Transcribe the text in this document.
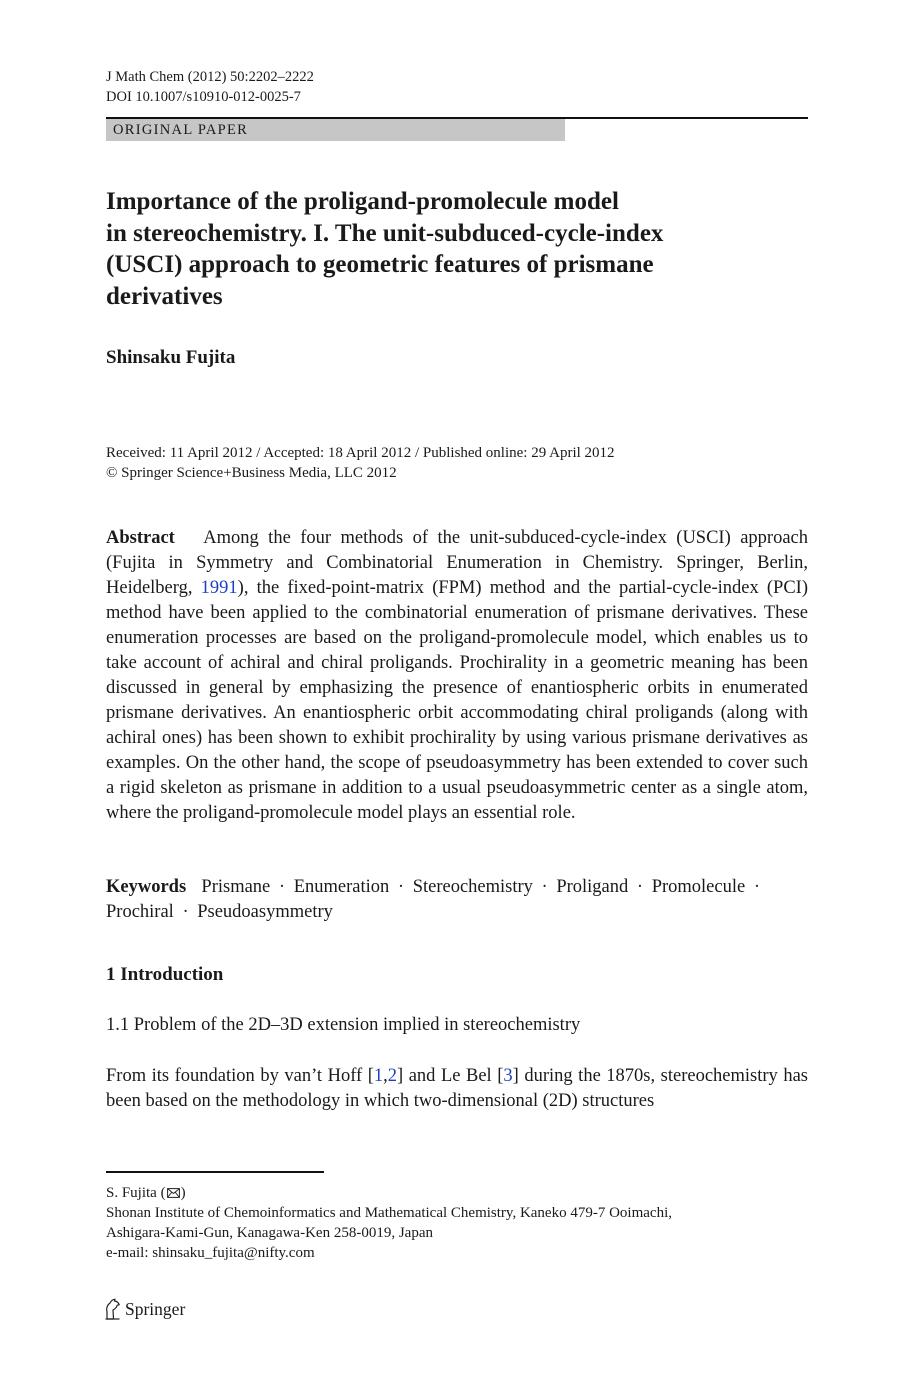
J Math Chem (2012) 50:2202–2222
DOI 10.1007/s10910-012-0025-7
ORIGINAL PAPER
Importance of the proligand-promolecule model
in stereochemistry. I. The unit-subduced-cycle-index
(USCI) approach to geometric features of prismane
derivatives
Shinsaku Fujita
Received: 11 April 2012 / Accepted: 18 April 2012 / Published online: 29 April 2012
© Springer Science+Business Media, LLC 2012
Abstract Among the four methods of the unit-subduced-cycle-index (USCI) approach (Fujita in Symmetry and Combinatorial Enumeration in Chemistry. Springer, Berlin, Heidelberg, 1991), the fixed-point-matrix (FPM) method and the partial-cycle-index (PCI) method have been applied to the combinatorial enumeration of prismane derivatives. These enumeration processes are based on the proligand-promolecule model, which enables us to take account of achiral and chiral proligands. Prochirality in a geometric meaning has been discussed in general by emphasizing the presence of enantiospheric orbits in enumerated prismane derivatives. An enantiospheric orbit accommodating chiral proligands (along with achiral ones) has been shown to exhibit prochirality by using various prismane derivatives as examples. On the other hand, the scope of pseudoasymmetry has been extended to cover such a rigid skeleton as prismane in addition to a usual pseudoasymmetric center as a single atom, where the proligand-promolecule model plays an essential role.
Keywords Prismane · Enumeration · Stereochemistry · Proligand · Promolecule ·
Prochiral · Pseudoasymmetry
1 Introduction
1.1 Problem of the 2D–3D extension implied in stereochemistry
From its foundation by van’t Hoff [1,2] and Le Bel [3] during the 1870s, stereochemistry has been based on the methodology in which two-dimensional (2D) structures
S. Fujita ( )
Shonan Institute of Chemoinformatics and Mathematical Chemistry, Kaneko 479-7 Ooimachi,
Ashigara-Kami-Gun, Kanagawa-Ken 258-0019, Japan
e-mail: shinsaku_fujita@nifty.com
Springer
